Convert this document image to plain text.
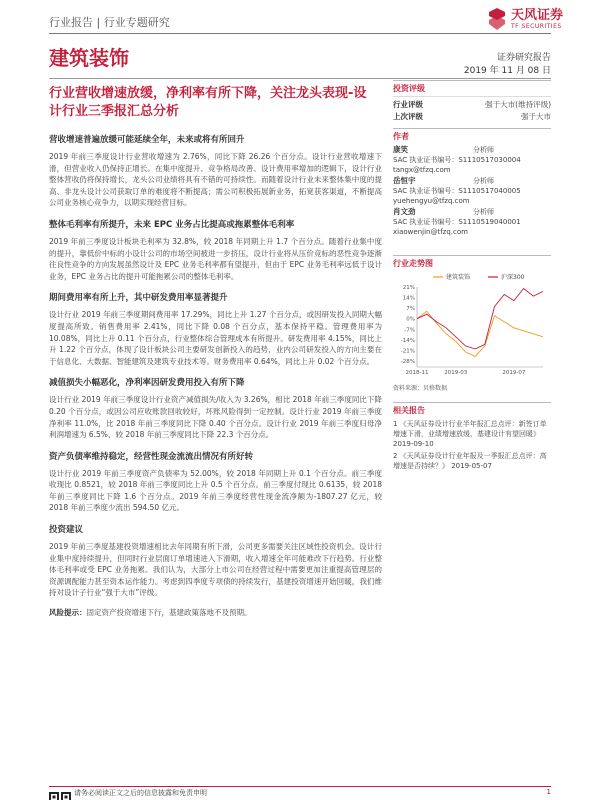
行业报告 | 行业专题研究	天风证券
TF SECURITIES
建筑装饰	证券研究报告
2019 年 11 月 08 日
行业营收增速放缓，净利率有所下降，关注龙头表现-设计行业三季报汇总分析
营收增速普遍放缓可能延续全年，未来或将有所回升
2019 年前三季度设计行业营收增速为 2.76%，同比下降 26.26 个百分点。设计行业营收增速下滑，但营业收入仍保持正增长。在集中度提升、竞争格局改善、设计费用率增加的逻辑下，设计行业整体营收仍将保持增长，龙头公司业绩将具有不错的可持续性。而随着设计行业未来整体集中度的提高、非龙头设计公司获取订单的难度将不断提高；需公司积极拓展新业务，拓宽获客渠道，不断提高公司业务核心竞争力，以期实现经营目标。
整体毛利率有所提升，未来 EPC 业务占比提高或拖累整体毛利率
2019 年前三季度设计板块毛利率为 32.8%，较 2018 年同期上升 1.7 个百分点。随着行业集中度的提升，靠低价中标的小设计公司的市场空间被进一步挤压，设计行业将从压价竞标的恶性竞争逐渐往良性竞争的方向发展虽然设计及 EPC 业务毛利率都有望提升，但由于 EPC 业务毛利率远低于设计业务，EPC 业务占比的提升可能拖累公司的整体毛利率。
期间费用率有所上升，其中研发费用率显著提升
设计行业 2019 年前三季度期间费用率 17.29%，同比上升 1.27 个百分点，或因研发投入同期大幅度提高所致。销售费用率 2.41%，同比下降 0.08 个百分点，基本保持平稳。管理费用率为 10.08%，同比上升 0.11 个百分点，行业整体综合管理成本有所提升。研发费用率 4.15%，同比上升 1.22 个百分点，体现了设计板块公司主要研发创新投入的趋势，业内公司研发投入的方向主要在于信息化、大数据、智能建筑及建筑专业技术等。财务费用率 0.64%，同比上升 0.02 个百分点。
减值损失小幅恶化，净利率因研发费用投入有所下降
设计行业 2019 年前三季度设计行业资产减值损失/收入为 3.26%，相比 2018 年前三季度同比下降 0.20 个百分点，或因公司应收账款回收较好，坏账风险得到一定控制。设计行业 2019 年前三季度净利率 11.0%，比 2018 年前三季度同比下降 0.40 个百分点。设计行业 2019 年前三季度归母净利润增速为 6.5%，较 2018 年前三季度同比下降 22.3 个百分点。
资产负债率维持稳定，经营性现金流流出情况有所好转
设计行业 2019 年前三季度资产负债率为 52.00%，较 2018 年同期上升 0.1 个百分点。前三季度收现比 0.8521，较 2018 年前三季度同比上升 0.5 个百分点。前三季度付现比 0.6135，较 2018 年前三季度同比下降 1.6 个百分点。2019 年前三季度经营性现金流净额为-1807.27 亿元，较 2018 年前三季度少流出 594.50 亿元。
投资建议
2019 年前三季度基建投资增速相比去年同期有所下滑，公司更多需要关注区域性投资机会。设计行业集中度持续提升，但同时行业层面订单增速进入下滑期，收入增速全年可能难改下行趋势。行业整体毛利率或受 EPC 业务拖累。我们认为，大部分上市公司在经营过程中需要更加注重提高管理层的资源调配能力甚至资本运作能力。考虑到四季度专项债的持续发行，基建投资增速开始回暖，我们维持对设计子行业“强于大市”评级。
风险提示：固定资产投资增速下行，基建政策落地不及预期。
投资评级
行业评级	强于大市(维持评级)
上次评级	强于大市
作者
康笑	分析师
SAC 执业证书编号：S1110517030004
tangx@tfzq.com
岳恒宇	分析师
SAC 执业证书编号：S1110517040005
yuehengyu@tfzq.com
肖文劲	分析师
SAC 执业证书编号：S1110519040001
xiaowenjin@tfzq.com
行业走势图
21%
14%
7%
0%
-7%
-14%
-21%
-28%
2018-11	2019-03	2019-07
建筑装饰	沪深300
资料来源：贝格数据
相关报告
1 《天风证券设计行业半年报汇总点评：新签订单增速下滑，业绩增速放缓，基建设计有望回暖》 2019-09-10
2 《天风证券设计行业年报及一季报汇总点评：高增速是否持续？》 2019-05-07
请务必阅读正文之后的信息披露和免责申明	1
